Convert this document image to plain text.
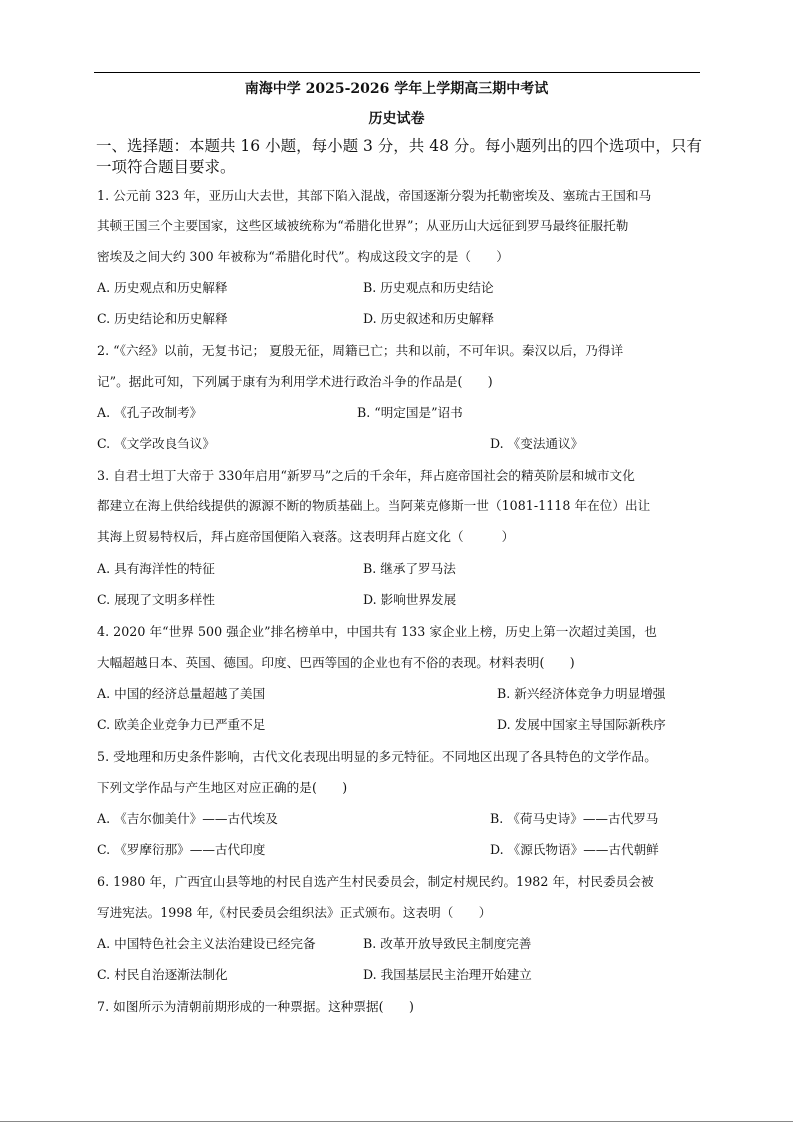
南海中学 2025-2026 学年上学期高三期中考试
历史试卷
一、选择题：本题共 16 小题，每小题 3 分，共 48 分。每小题列出的四个选项中，只有
一项符合题目要求。
1. 公元前 323 年，亚历山大去世，其部下陷入混战，帝国逐渐分裂为托勒密埃及、塞琉古王国和马
其顿王国三个主要国家，这些区域被统称为“希腊化世界”；从亚历山大远征到罗马最终征服托勒
密埃及之间大约 300 年被称为“希腊化时代”。构成这段文字的是（　　）
A. 历史观点和历史解释	B. 历史观点和历史结论
C. 历史结论和历史解释	D. 历史叙述和历史解释
2. “《六经》以前，无复书记； 夏殷无征，周籍已亡；共和以前，不可年识。秦汉以后，乃得详
记”。据此可知，下列属于康有为利用学术进行政治斗争的作品是(　　)
A. 《孔子改制考》	B. “明定国是”诏书
C. 《文学改良刍议》	D. 《变法通议》
3. 自君士坦丁大帝于 330年启用“新罗马”之后的千余年，拜占庭帝国社会的精英阶层和城市文化
都建立在海上供给线提供的源源不断的物质基础上。当阿莱克修斯一世（1081-1118 年在位）出让
其海上贸易特权后，拜占庭帝国便陷入衰落。这表明拜占庭文化（　　　）
A. 具有海洋性的特征	B. 继承了罗马法
C. 展现了文明多样性	D. 影响世界发展
4. 2020 年“世界 500 强企业”排名榜单中，中国共有 133 家企业上榜，历史上第一次超过美国，也
大幅超越日本、英国、德国。印度、巴西等国的企业也有不俗的表现。材料表明(　　)
A. 中国的经济总量超越了美国	B. 新兴经济体竞争力明显增强
C. 欧美企业竞争力已严重不足	D. 发展中国家主导国际新秩序
5. 受地理和历史条件影响，古代文化表现出明显的多元特征。不同地区出现了各具特色的文学作品。
下列文学作品与产生地区对应正确的是(　　)
A. 《吉尔伽美什》——古代埃及	B. 《荷马史诗》——古代罗马
C. 《罗摩衍那》——古代印度	D. 《源氏物语》——古代朝鲜
6. 1980 年，广西宜山县等地的村民自选产生村民委员会，制定村规民约。1982 年，村民委员会被
写进宪法。1998 年,《村民委员会组织法》正式颁布。这表明（　　）
A. 中国特色社会主义法治建设已经完备	B. 改革开放导致民主制度完善
C. 村民自治逐渐法制化	D. 我国基层民主治理开始建立
7. 如图所示为清朝前期形成的一种票据。这种票据(　　)
